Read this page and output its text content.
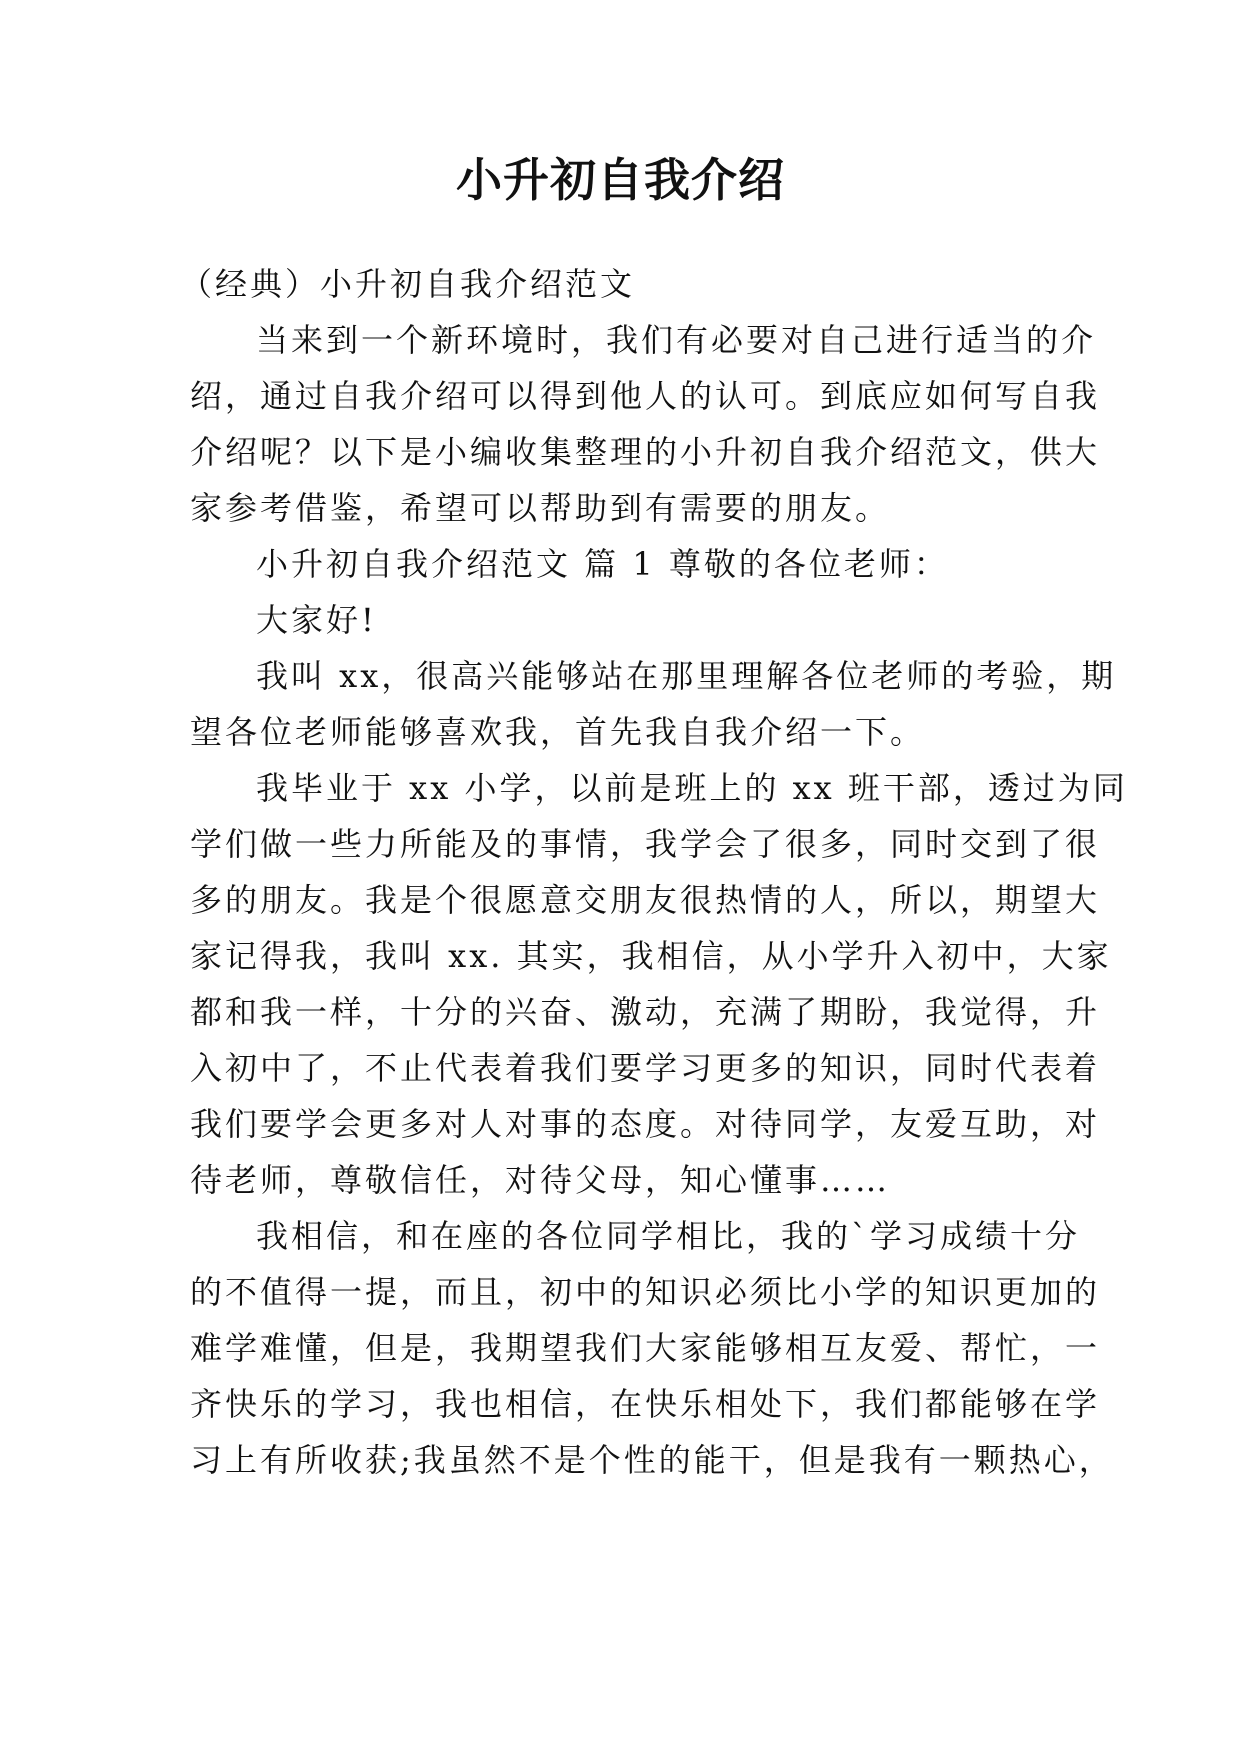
小升初自我介绍
（经典）小升初自我介绍范文
当来到一个新环境时，我们有必要对自己进行适当的介
绍，通过自我介绍可以得到他人的认可。到底应如何写自我
介绍呢？以下是小编收集整理的小升初自我介绍范文，供大
家参考借鉴，希望可以帮助到有需要的朋友。
小升初自我介绍范文 篇 1 尊敬的各位老师：
大家好!
我叫 xx，很高兴能够站在那里理解各位老师的考验，期
望各位老师能够喜欢我，首先我自我介绍一下。
我毕业于 xx 小学，以前是班上的 xx 班干部，透过为同
学们做一些力所能及的事情，我学会了很多，同时交到了很
多的朋友。我是个很愿意交朋友很热情的人，所以，期望大
家记得我，我叫 xx. 其实，我相信，从小学升入初中，大家
都和我一样，十分的兴奋、激动，充满了期盼，我觉得，升
入初中了，不止代表着我们要学习更多的知识，同时代表着
我们要学会更多对人对事的态度。对待同学，友爱互助，对
待老师，尊敬信任，对待父母，知心懂事……
我相信，和在座的各位同学相比，我的`学习成绩十分
的不值得一提，而且，初中的知识必须比小学的知识更加的
难学难懂，但是，我期望我们大家能够相互友爱、帮忙，一
齐快乐的学习，我也相信，在快乐相处下，我们都能够在学
习上有所收获;我虽然不是个性的能干，但是我有一颗热心，
